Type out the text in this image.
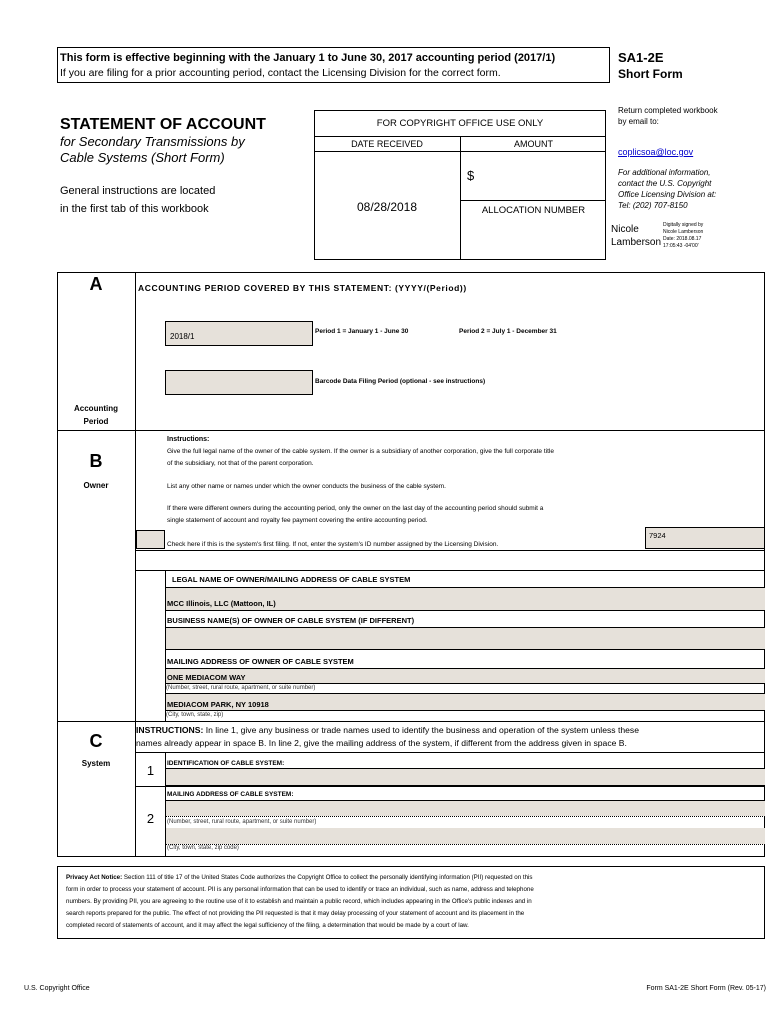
This form is effective beginning with the January 1 to June 30, 2017 accounting period (2017/1)
If you are filing for a prior accounting period, contact the Licensing Division for the correct form.
SA1-2E
Short Form
STATEMENT OF ACCOUNT
for Secondary Transmissions by
Cable Systems (Short Form)
General instructions are located
in the first tab of this workbook
FOR COPYRIGHT OFFICE USE ONLY
DATE RECEIVED	AMOUNT
08/28/2018
$
ALLOCATION NUMBER
Return completed workbook
by email to:
coplicsoa@loc.gov
For additional information,
contact the U.S. Copyright
Office Licensing Division at:
Tel: (202) 707-8150
Nicole
Lamberson
Digitally signed by
Nicole Lamberson
Date: 2018.08.17
17:05:43 -04'00'
A
Accounting
Period
ACCOUNTING PERIOD COVERED BY THIS STATEMENT: (YYYY/(Period))
2018/1
Period 1 = January 1 - June 30	Period 2 = July 1 - December 31
Barcode Data Filing Period (optional - see instructions)
B
Owner
Instructions:
Give the full legal name of the owner of the cable system. If the owner is a subsidiary of another corporation, give the full corporate title
of the subsidiary, not that of the parent corporation.
List any other name or names under which the owner conducts the business of the cable system.
If there were different owners during the accounting period, only the owner on the last day of the accounting period should submit a
single statement of account and royalty fee payment covering the entire accounting period.
Check here if this is the system's first filing. If not, enter the system's ID number assigned by the Licensing Division.
7924
LEGAL NAME OF OWNER/MAILING ADDRESS OF CABLE SYSTEM
MCC Illinois, LLC (Mattoon, IL)
BUSINESS NAME(S) OF OWNER OF CABLE SYSTEM (IF DIFFERENT)
MAILING ADDRESS OF OWNER OF CABLE SYSTEM
ONE MEDIACOM WAY
(Number, street, rural route, apartment, or suite number)
MEDIACOM PARK, NY 10918
(City, town, state, zip)
C
System
INSTRUCTIONS: In line 1, give any business or trade names used to identify the business and operation of the system unless these
names already appear in space B. In line 2, give the mailing address of the system, if different from the address given in space B.
1	IDENTIFICATION OF CABLE SYSTEM:
MAILING ADDRESS OF CABLE SYSTEM:
2	(Number, street, rural route, apartment, or suite number)
(City, town, state, zip code)
Privacy Act Notice: Section 111 of title 17 of the United States Code authorizes the Copyright Office to collect the personally identifying information (PII) requested on this
form in order to process your statement of account. PII is any personal information that can be used to identify or trace an individual, such as name, address and telephone
numbers. By providing PII, you are agreeing to the routine use of it to establish and maintain a public record, which includes appearing in the Office's public indexes and in
search reports prepared for the public. The effect of not providing the PII requested is that it may delay processing of your statement of account and its placement in the
completed record of statements of account, and it may affect the legal sufficiency of the filing, a determination that would be made by a court of law.
U.S. Copyright Office	Form SA1-2E Short Form (Rev. 05-17)
